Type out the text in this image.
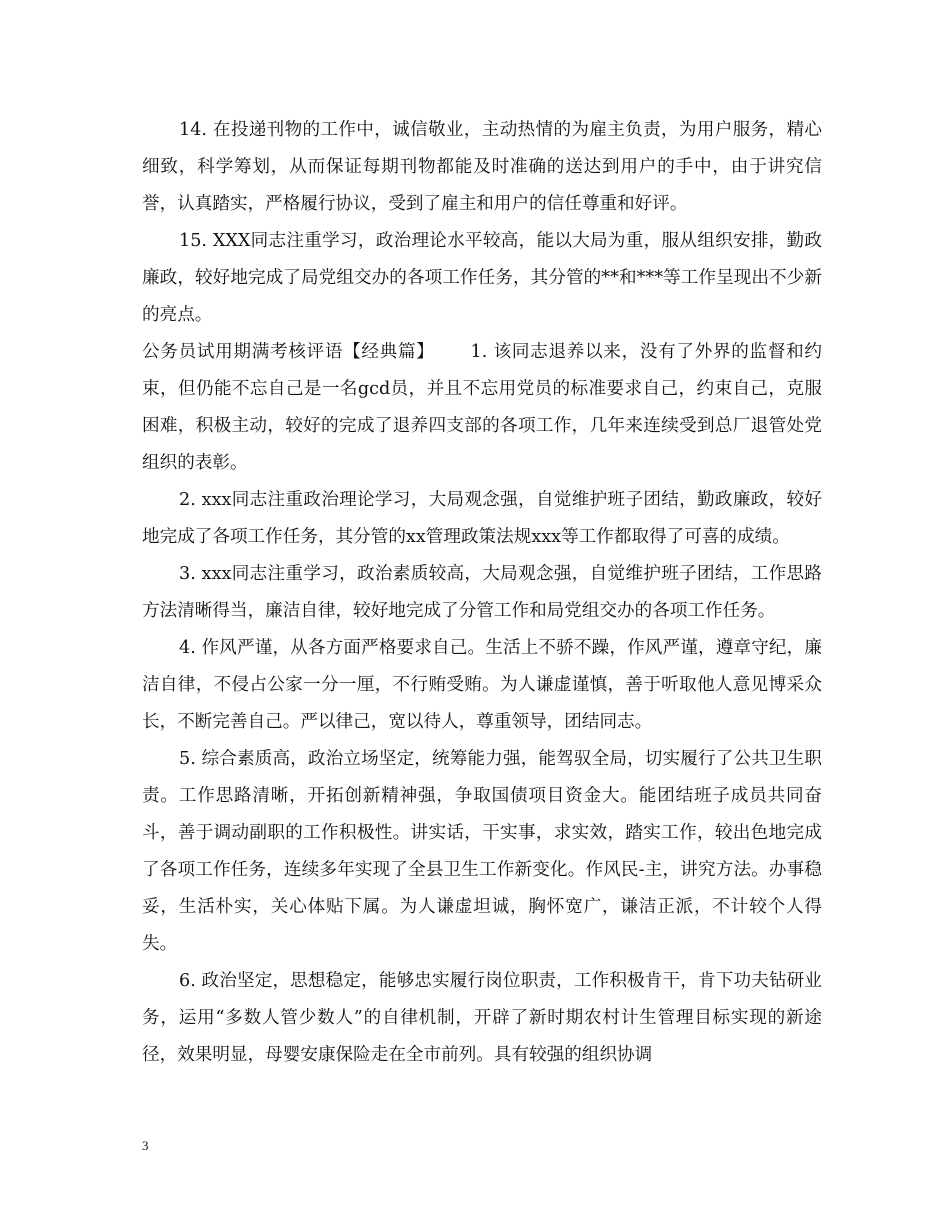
14. 在投递刊物的工作中，诚信敬业，主动热情的为雇主负责，为用户服务，精心细致，科学筹划，从而保证每期刊物都能及时准确的送达到用户的手中，由于讲究信誉，认真踏实，严格履行协议，受到了雇主和用户的信任尊重和好评。

15. XXX同志注重学习，政治理论水平较高，能以大局为重，服从组织安排，勤政廉政，较好地完成了局党组交办的各项工作任务，其分管的**和***等工作呈现出不少新的亮点。

公务员试用期满考核评语【经典篇】 1. 该同志退养以来，没有了外界的监督和约束，但仍能不忘自己是一名gcd员，并且不忘用党员的标准要求自己，约束自己，克服困难，积极主动，较好的完成了退养四支部的各项工作，几年来连续受到总厂退管处党组织的表彰。

2. xxx同志注重政治理论学习，大局观念强，自觉维护班子团结，勤政廉政，较好地完成了各项工作任务，其分管的xx管理政策法规xxx等工作都取得了可喜的成绩。

3. xxx同志注重学习，政治素质较高，大局观念强，自觉维护班子团结，工作思路方法清晰得当，廉洁自律，较好地完成了分管工作和局党组交办的各项工作任务。

4. 作风严谨，从各方面严格要求自己。生活上不骄不躁，作风严谨，遵章守纪，廉洁自律，不侵占公家一分一厘，不行贿受贿。为人谦虚谨慎，善于听取他人意见博采众长，不断完善自己。严以律己，宽以待人，尊重领导，团结同志。

5. 综合素质高，政治立场坚定，统筹能力强，能驾驭全局，切实履行了公共卫生职责。工作思路清晰，开拓创新精神强，争取国债项目资金大。能团结班子成员共同奋斗，善于调动副职的工作积极性。讲实话，干实事，求实效，踏实工作，较出色地完成了各项工作任务，连续多年实现了全县卫生工作新变化。作风民-主，讲究方法。办事稳妥，生活朴实，关心体贴下属。为人谦虚坦诚，胸怀宽广，谦洁正派，不计较个人得失。

6. 政治坚定，思想稳定，能够忠实履行岗位职责，工作积极肯干，肯下功夫钻研业务，运用“多数人管少数人”的自律机制，开辟了新时期农村计生管理目标实现的新途径，效果明显，母婴安康保险走在全市前列。具有较强的组织协调

3
